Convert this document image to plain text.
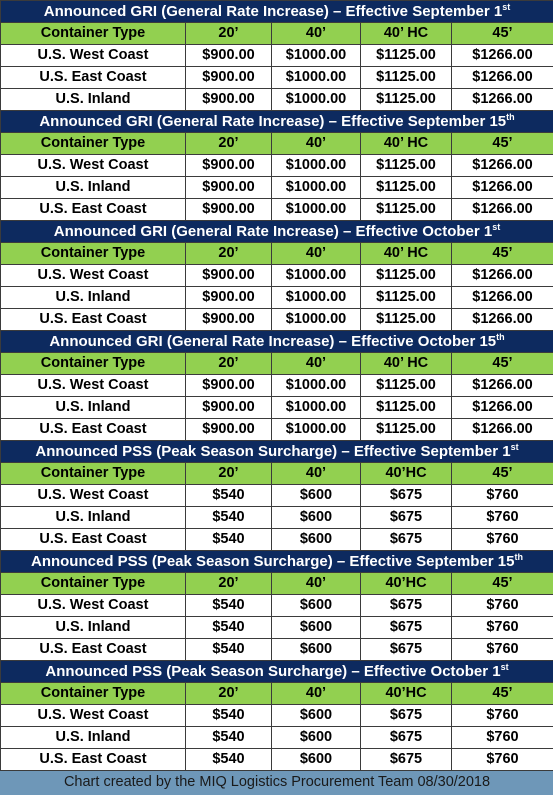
Announced GRI (General Rate Increase) – Effective September 1st
Container Type	20’	40’	40’ HC	45’
U.S. West Coast	$900.00	$1000.00	$1125.00	$1266.00
U.S. East Coast	$900.00	$1000.00	$1125.00	$1266.00
U.S. Inland	$900.00	$1000.00	$1125.00	$1266.00
Announced GRI (General Rate Increase) – Effective September 15th
Container Type	20’	40’	40’ HC	45’
U.S. West Coast	$900.00	$1000.00	$1125.00	$1266.00
U.S. Inland	$900.00	$1000.00	$1125.00	$1266.00
U.S. East Coast	$900.00	$1000.00	$1125.00	$1266.00
Announced GRI (General Rate Increase) – Effective October 1st
Container Type	20’	40’	40’ HC	45’
U.S. West Coast	$900.00	$1000.00	$1125.00	$1266.00
U.S. Inland	$900.00	$1000.00	$1125.00	$1266.00
U.S. East Coast	$900.00	$1000.00	$1125.00	$1266.00
Announced GRI (General Rate Increase) – Effective October 15th
Container Type	20’	40’	40’ HC	45’
U.S. West Coast	$900.00	$1000.00	$1125.00	$1266.00
U.S. Inland	$900.00	$1000.00	$1125.00	$1266.00
U.S. East Coast	$900.00	$1000.00	$1125.00	$1266.00
Announced PSS (Peak Season Surcharge) – Effective September 1st
Container Type	20’	40’	40’HC	45’
U.S. West Coast	$540	$600	$675	$760
U.S. Inland	$540	$600	$675	$760
U.S. East Coast	$540	$600	$675	$760
Announced PSS (Peak Season Surcharge) – Effective September 15th
Container Type	20’	40’	40’HC	45’
U.S. West Coast	$540	$600	$675	$760
U.S. Inland	$540	$600	$675	$760
U.S. East Coast	$540	$600	$675	$760
Announced PSS (Peak Season Surcharge) – Effective October 1st
Container Type	20’	40’	40’HC	45’
U.S. West Coast	$540	$600	$675	$760
U.S. Inland	$540	$600	$675	$760
U.S. East Coast	$540	$600	$675	$760
Chart created by the MIQ Logistics Procurement Team 08/30/2018				
